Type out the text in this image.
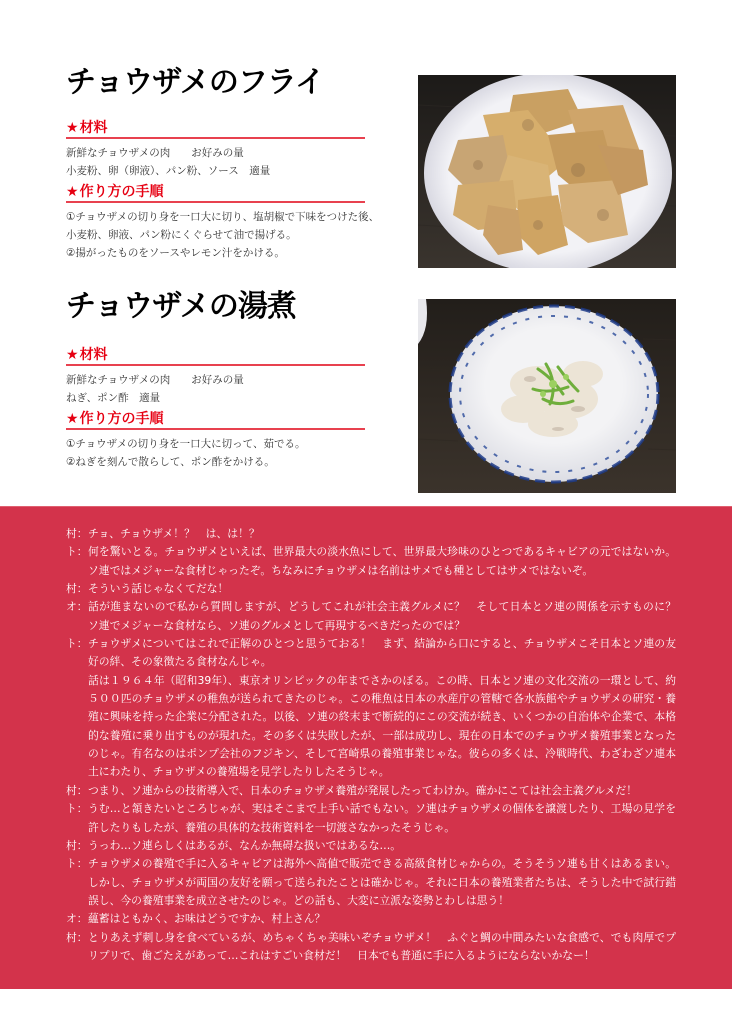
チョウザメのフライ
★材料
新鮮なチョウザメの肉　　お好みの量
小麦粉、卵（卵液）、パン粉、ソース　適量
★作り方の手順
①チョウザメの切り身を一口大に切り、塩胡椒で下味をつけた後、
小麦粉、卵液、パン粉にくぐらせて油で揚げる。
②揚がったものをソースやレモン汁をかける。
チョウザメの湯煮
★材料
新鮮なチョウザメの肉　　お好みの量
ねぎ、ポン酢　適量
★作り方の手順
①チョウザメの切り身を一口大に切って、茹でる。
②ねぎを刻んで散らして、ポン酢をかける。
村： チョ、チョウザメ！？　は、は！？
ト： 何を驚いとる。チョウザメといえば、世界最大の淡水魚にして、世界最大珍味のひとつであるキャビアの元ではないか。ソ連ではメジャーな食材じゃったぞ。ちなみにチョウザメは名前はサメでも種としてはサメではないぞ。
村： そういう話じゃなくてだな！
オ： 話が進まないので私から質問しますが、どうしてこれが社会主義グルメに？　そして日本とソ連の関係を示すものに？　ソ連でメジャーな食材なら、ソ連のグルメとして再現するべきだったのでは？
ト： チョウザメについてはこれで正解のひとつと思うておる！　まず、結論から口にすると、チョウザメこそ日本とソ連の友好の絆、その象徴たる食材なんじゃ。
話は１９６４年（昭和39年）、東京オリンピックの年までさかのぼる。この時、日本とソ連の文化交流の一環として、約５００匹のチョウザメの稚魚が送られてきたのじゃ。この稚魚は日本の水産庁の管轄で各水族館やチョウザメの研究・養殖に興味を持った企業に分配された。以後、ソ連の終末まで断続的にこの交流が続き、いくつかの自治体や企業で、本格的な養殖に乗り出すものが現れた。その多くは失敗したが、一部は成功し、現在の日本でのチョウザメ養殖事業となったのじゃ。有名なのはポンプ会社のフジキン、そして宮崎県の養殖事業じゃな。彼らの多くは、冷戦時代、わざわざソ連本土にわたり、チョウザメの養殖場を見学したりしたそうじゃ。
村： つまり、ソ連からの技術導入で、日本のチョウザメ養殖が発展したってわけか。確かにこては社会主義グルメだ！
ト： うむ…と頷きたいところじゃが、実はそこまで上手い話でもない。ソ連はチョウザメの個体を譲渡したり、工場の見学を許したりもしたが、養殖の具体的な技術資料を一切渡さなかったそうじゃ。
村： うっわ…ソ連らしくはあるが、なんか無碍な扱いではあるな…。
ト： チョウザメの養殖で手に入るキャビアは海外へ高値で販売できる高級食材じゃからの。そうそうソ連も甘くはあるまい。しかし、チョウザメが両国の友好を願って送られたことは確かじゃ。それに日本の養殖業者たちは、そうした中で試行錯誤し、今の養殖事業を成立させたのじゃ。どの話も、大変に立派な姿勢とわしは思う！
オ： 蘊蓄はともかく、お味はどうですか、村上さん？
村： とりあえず刺し身を食べているが、めちゃくちゃ美味いぞチョウザメ！　ふぐと鯛の中間みたいな食感で、でも肉厚でプリプリで、歯ごたえがあって…これはすごい食材だ！　日本でも普通に手に入るようにならないかなー！
